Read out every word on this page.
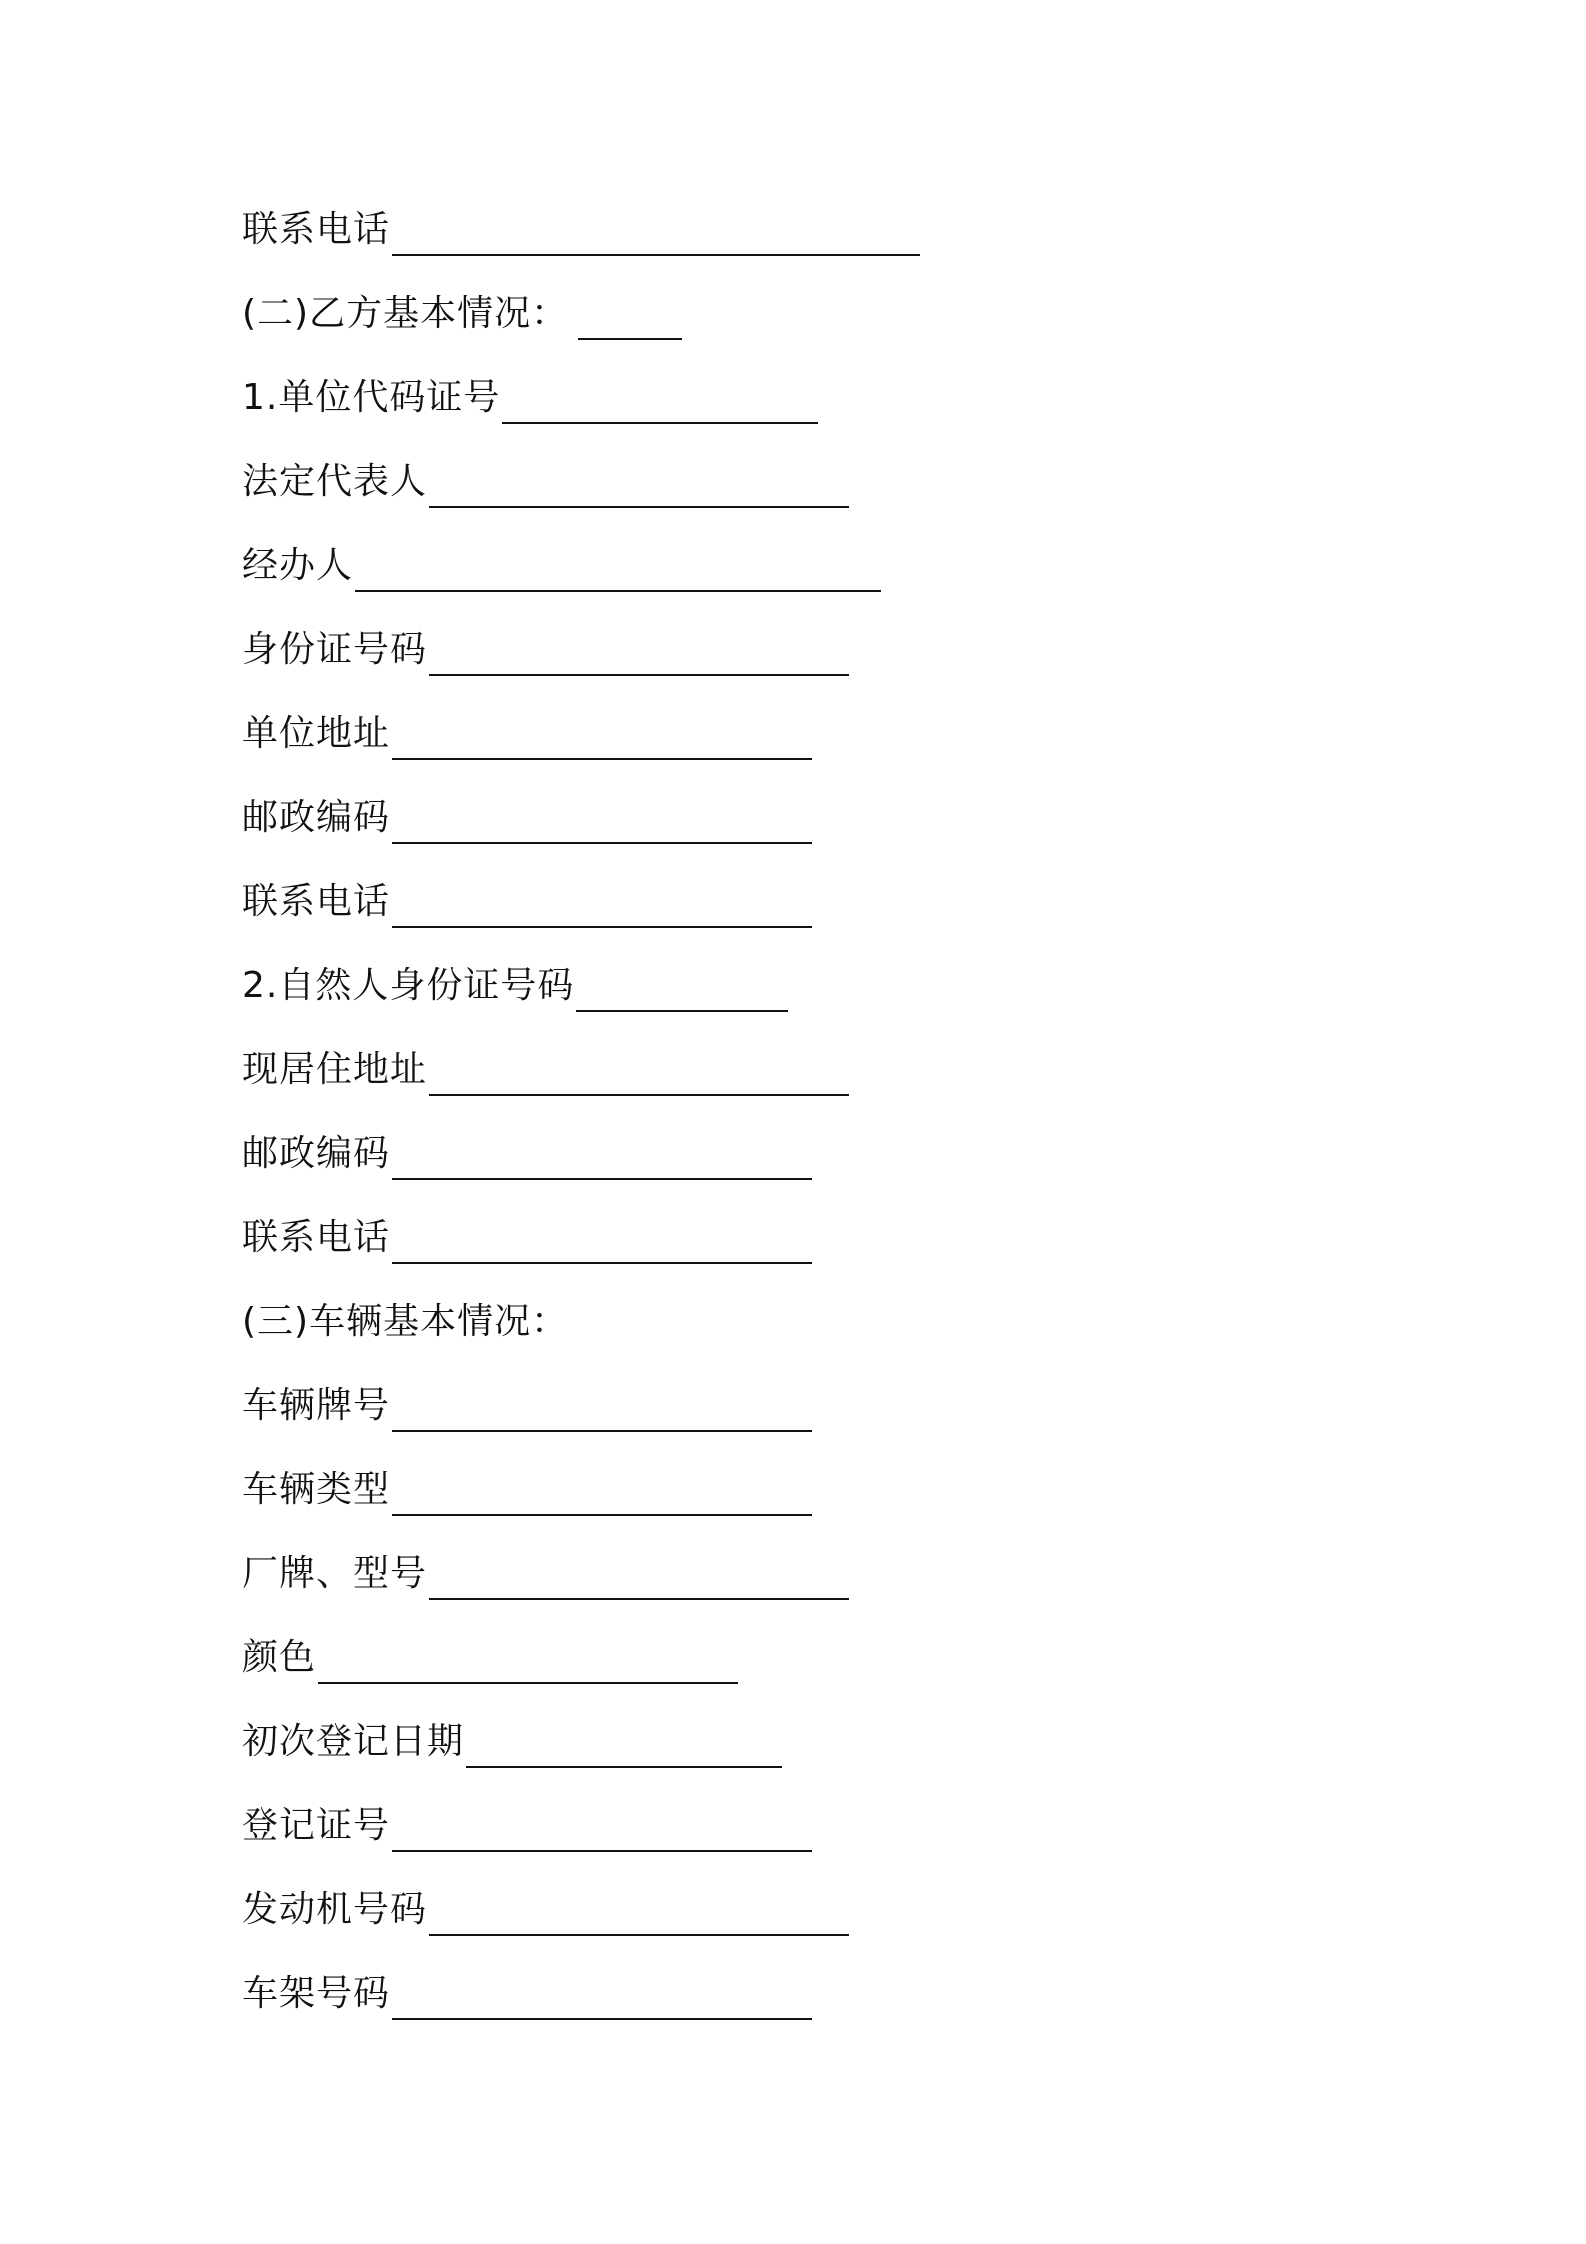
联系电话
(二)乙方基本情况：
1.单位代码证号
法定代表人
经办人
身份证号码
单位地址
邮政编码
联系电话
2.自然人身份证号码
现居住地址
邮政编码
联系电话
(三)车辆基本情况：
车辆牌号
车辆类型
厂牌、型号
颜色
初次登记日期
登记证号
发动机号码
车架号码
